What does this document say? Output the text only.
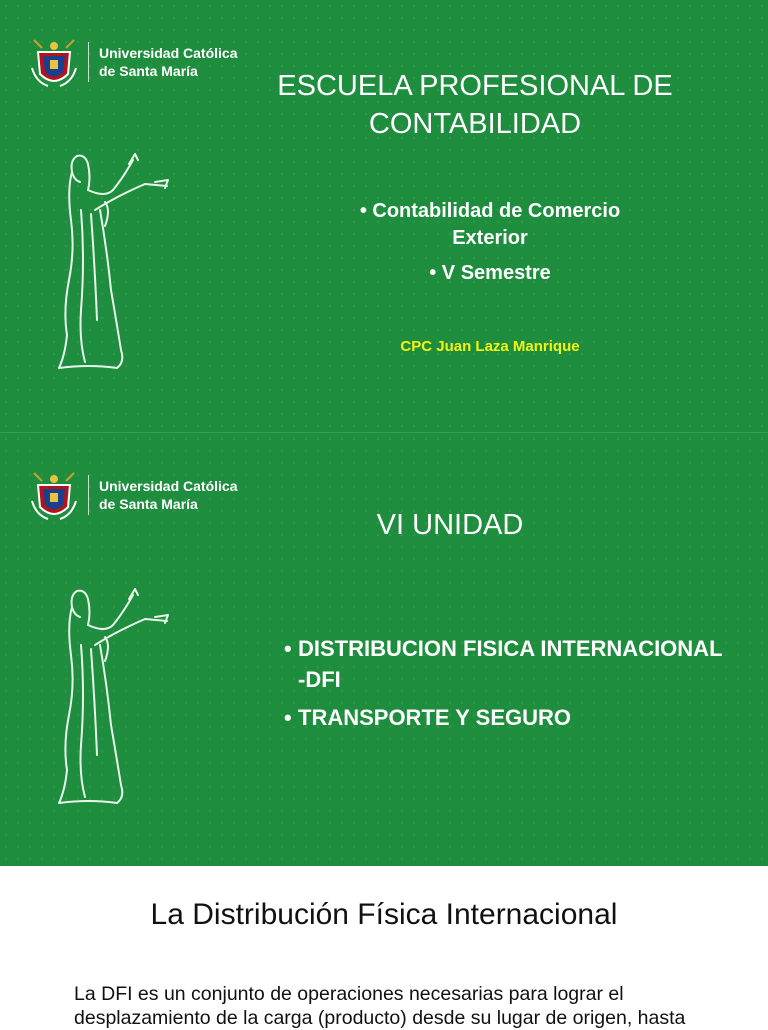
Universidad Católica
de Santa María	ESCUELA PROFESIONAL DE CONTABILIDAD
• Contabilidad de Comercio Exterior
• V Semestre
CPC Juan Laza Manrique
Universidad Católica
de Santa María
VI UNIDAD
• DISTRIBUCION FISICA INTERNACIONAL -DFI
• TRANSPORTE Y SEGURO
La Distribución Física Internacional
La DFI es un conjunto de operaciones necesarias para lograr el desplazamiento de la carga (producto) desde su lugar de origen, hasta
